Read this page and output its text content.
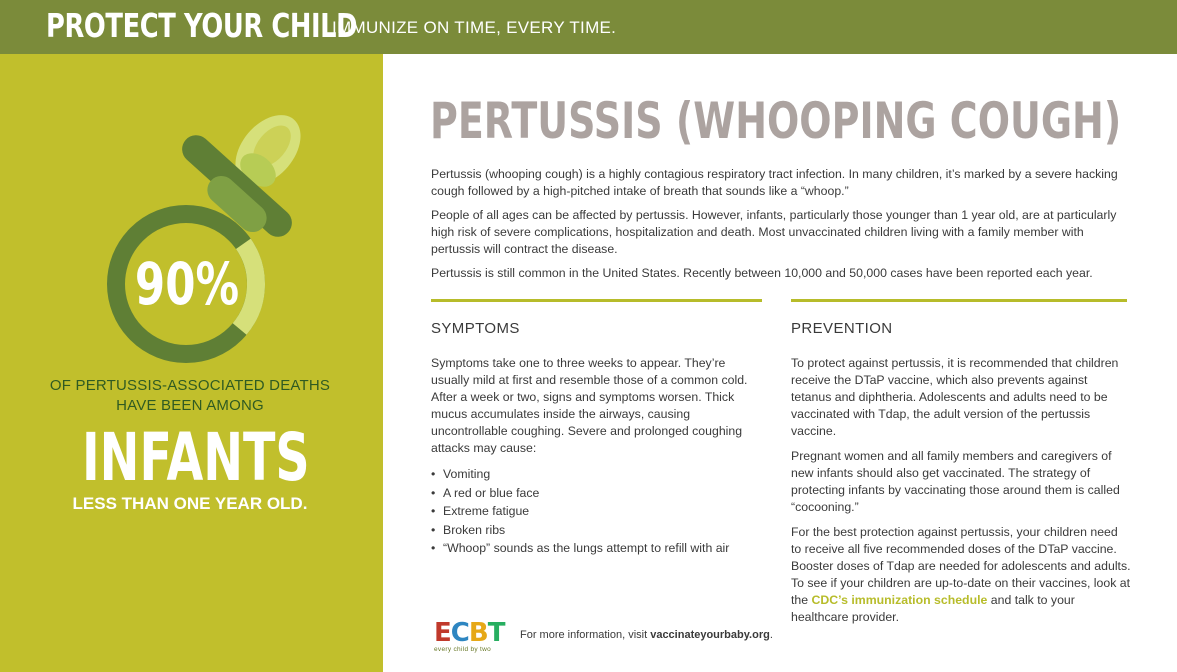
PROTECT YOUR CHILD
IMMUNIZE ON TIME, EVERY TIME.
90%
OF PERTUSSIS-ASSOCIATED DEATHS HAVE BEEN AMONG
INFANTS
LESS THAN ONE YEAR OLD.
PERTUSSIS (WHOOPING COUGH)

Pertussis (whooping cough) is a highly contagious respiratory tract infection. In many children, it’s marked by a severe hacking cough followed by a high-pitched intake of breath that sounds like a “whoop.”

People of all ages can be affected by pertussis. However, infants, particularly those younger than 1 year old, are at particularly high risk of severe complications, hospitalization and death. Most unvaccinated children living with a family member with pertussis will contract the disease.

Pertussis is still common in the United States. Recently between 10,000 and 50,000 cases have been reported each year.

SYMPTOMS

Symptoms take one to three weeks to appear. They’re usually mild at first and resemble those of a common cold. After a week or two, signs and symptoms worsen. Thick mucus accumulates inside the airways, causing uncontrollable coughing. Severe and prolonged coughing attacks may cause:

• Vomiting
• A red or blue face
• Extreme fatigue
• Broken ribs
• “Whoop” sounds as the lungs attempt to refill with air
PREVENTION

To protect against pertussis, it is recommended that children receive the DTaP vaccine, which also prevents against tetanus and diphtheria. Adolescents and adults need to be vaccinated with Tdap, the adult version of the pertussis vaccine.

Pregnant women and all family members and caregivers of new infants should also get vaccinated. The strategy of protecting infants by vaccinating those around them is called “cocooning.”

For the best protection against pertussis, your children need to receive all five recommended doses of the DTaP vaccine. Booster doses of Tdap are needed for adolescents and adults. To see if your children are up-to-date on their vaccines, look at the CDC’s immunization schedule and talk to your healthcare provider.

ECBT
every child by two
For more information, visit vaccinateyourbaby.org.
